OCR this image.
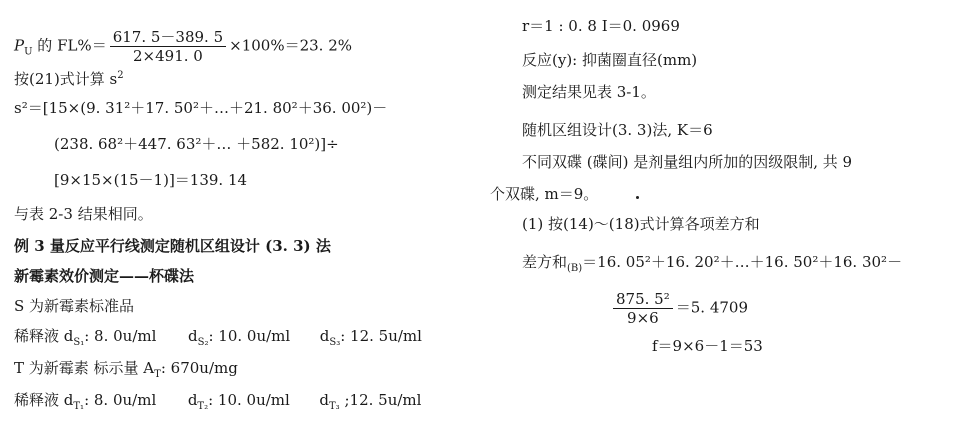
$P_U$ 的 $FL\%= \frac{617. 5-389. 5}{2\times 491. 0} \times 100\%=23$. 2%
按(21)式计算 $s^2$
s²＝[15×(9. 31²＋17. 50²＋…＋21. 80²＋36. 00²)－
(238. 68²＋447. 63²＋… ＋582. 10²)]÷
[9×15×(15－1)]＝139. 14
与表 2-3 结果相同。
例 3 量反应平行线测定随机区组设计 (3. 3) 法
新霉素效价测定——杯碟法
S 为新霉素标准品
稀释液 $d_{S_1}$: 8. 0u/ml $d_{S_2}$: 10. 0u/ml $d_{S_3}$: 12. 5u/ml
T 为新霉素 标示量 $A_T$: 670u/mg
稀释液 $d_{T_1}$: 8. 0u/ml $d_{T_2}$: 10. 0u/ml $d_{T_3}$ ;12. 5u/ml
r＝1 : 0. 8 I＝0. 0969
反应(y): 抑菌圈直径(mm)
测定结果见表 3-1。
随机区组设计(3. 3)法, K＝6
不同双碟 (碟间) 是剂量组内所加的因级限制, 共 9
个双碟, m＝9。
(1) 按(14)～(18)式计算各项差方和
差方和$_{(B)}$＝16. 05²＋16. 20²＋…＋16. 50²＋16. 30²－
$\frac{\text{875. 5²}}{9\times 6} =5$. 4709
f＝9×6－1＝53
